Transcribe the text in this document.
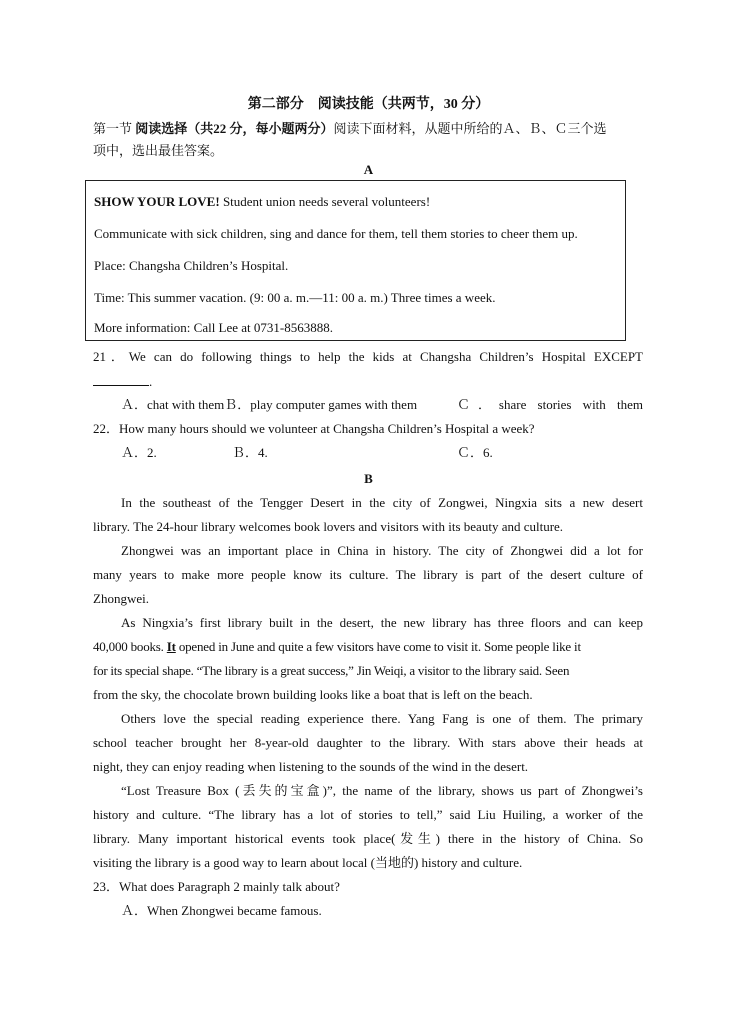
第二部分　阅读技能（共两节，30 分）
第一节 阅读选择（共22 分，每小题两分）阅读下面材料，从题中所给的Ａ、Ｂ、Ｃ三个选
项中，选出最佳答案。
A
SHOW YOUR LOVE! Student union needs several volunteers!
Communicate with sick children, sing and dance for them, tell them stories to cheer them up.
Place: Changsha Children’s Hospital.
Time: This summer vacation. (9: 00 a. m.—11: 00 a. m.) Three times a week.
More information: Call Lee at 0731-8563888.
21．We can do following things to help the kids at Changsha Children’s Hospital EXCEPT
.
Ａ．chat with themＢ．play computer games with them	Ｃ．share stories with them
22．How many hours should we volunteer at Changsha Children’s Hospital a week?
Ａ．2.	Ｂ．4.	Ｃ．6.
B
In the southeast of the Tengger Desert in the city of Zongwei, Ningxia sits a new desert
library. The 24-hour library welcomes book lovers and visitors with its beauty and culture.
Zhongwei was an important place in China in history. The city of Zhongwei did a lot for
many years to make more people know its culture. The library is part of the desert culture of
Zhongwei.
As Ningxia’s first library built in the desert, the new library has three floors and can keep
40,000 books. It opened in June and quite a few visitors have come to visit it. Some people like it
for its special shape. “The library is a great success,” Jin Weiqi, a visitor to the library said. Seen
from the sky, the chocolate brown building looks like a boat that is left on the beach.
Others love the special reading experience there. Yang Fang is one of them. The primary
school teacher brought her 8-year-old daughter to the library. With stars above their heads at
night, they can enjoy reading when listening to the sounds of the wind in the desert.
“Lost Treasure Box (丢失的宝盒)”, the name of the library, shows us part of Zhongwei’s
history and culture. “The library has a lot of stories to tell,” said Liu Huiling, a worker of the
library. Many important historical events took place(发生) there in the history of China. So
visiting the library is a good way to learn about local (当地的) history and culture.
23．What does Paragraph 2 mainly talk about?
Ａ．When Zhongwei became famous.
